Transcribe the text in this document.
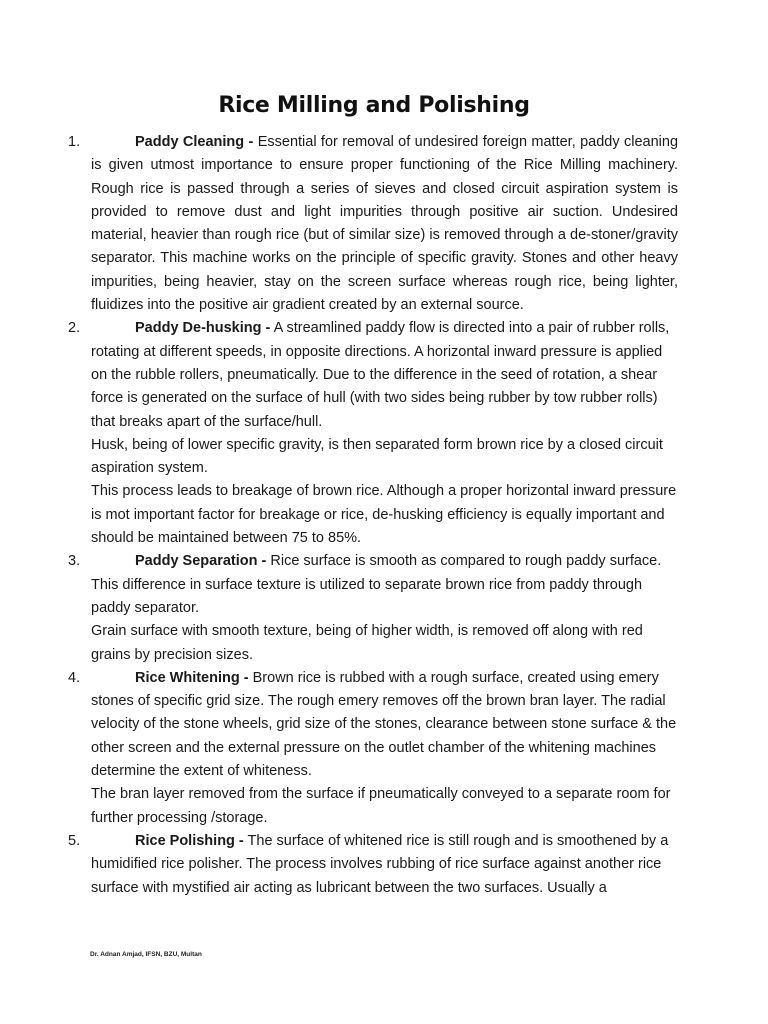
Rice Milling and Polishing
1.	Paddy Cleaning - Essential for removal of undesired foreign matter, paddy cleaning is given utmost importance to ensure proper functioning of the Rice Milling machinery. Rough rice is passed through a series of sieves and closed circuit aspiration system is provided to remove dust and light impurities through positive air suction. Undesired material, heavier than rough rice (but of similar size) is removed through a de-stoner/gravity separator. This machine works on the principle of specific gravity. Stones and other heavy impurities, being heavier, stay on the screen surface whereas rough rice, being lighter, fluidizes into the positive air gradient created by an external source.

2.	Paddy De-husking - A streamlined paddy flow is directed into a pair of rubber rolls, rotating at different speeds, in opposite directions. A horizontal inward pressure is applied on the rubble rollers, pneumatically. Due to the difference in the seed of rotation, a shear force is generated on the surface of hull (with two sides being rubber by tow rubber rolls) that breaks apart of the surface/hull.

Husk, being of lower specific gravity, is then separated form brown rice by a closed circuit aspiration system.

This process leads to breakage of brown rice. Although a proper horizontal inward pressure is mot important factor for breakage or rice, de-husking efficiency is equally important and should be maintained between 75 to 85%.

3.	Paddy Separation - Rice surface is smooth as compared to rough paddy surface. This difference in surface texture is utilized to separate brown rice from paddy through paddy separator.

Grain surface with smooth texture, being of higher width, is removed off along with red grains by precision sizes.

4.	Rice Whitening - Brown rice is rubbed with a rough surface, created using emery stones of specific grid size. The rough emery removes off the brown bran layer. The radial velocity of the stone wheels, grid size of the stones, clearance between stone surface & the other screen and the external pressure on the outlet chamber of the whitening machines determine the extent of whiteness.

The bran layer removed from the surface if pneumatically conveyed to a separate room for further processing /storage.

5.	Rice Polishing - The surface of whitened rice is still rough and is smoothened by a humidified rice polisher. The process involves rubbing of rice surface against another rice surface with mystified air acting as lubricant between the two surfaces. Usually a

Dr. Adnan Amjad, IFSN, BZU, Multan
